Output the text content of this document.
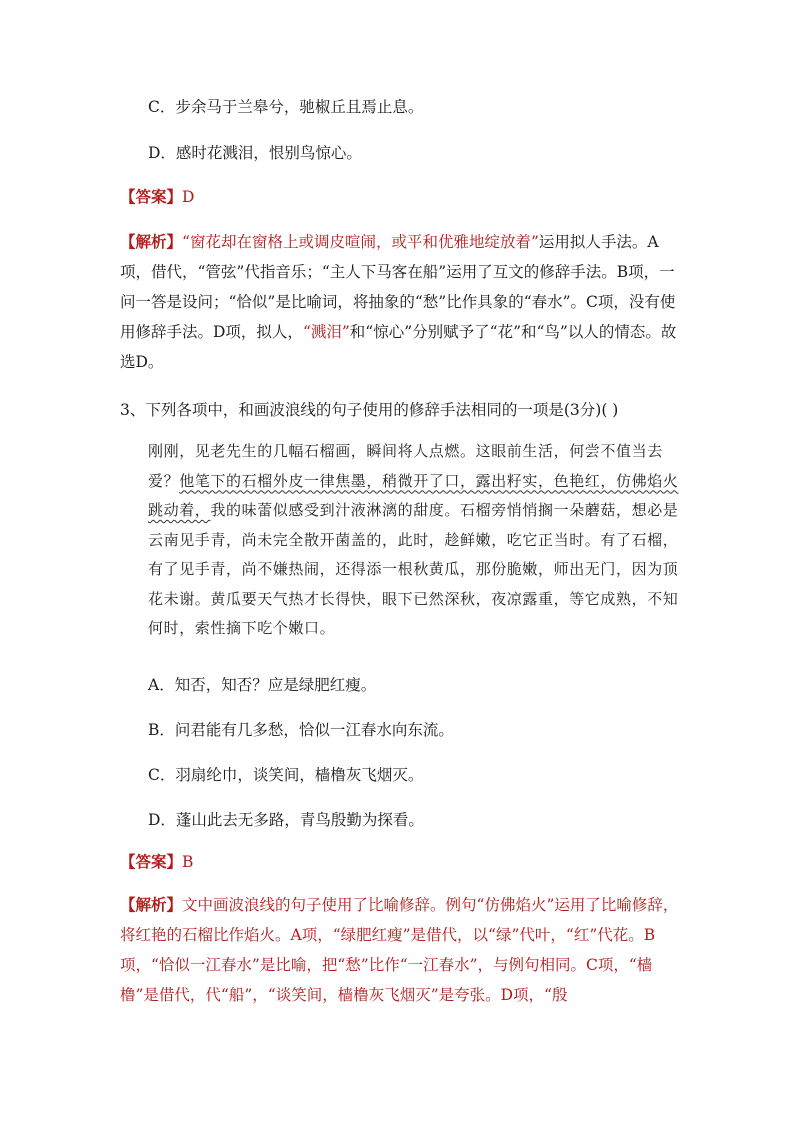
C．步余马于兰皋兮，驰椒丘且焉止息。
D．感时花溅泪，恨别鸟惊心。
【答案】D
【解析】“窗花却在窗格上或调皮喧闹，或平和优雅地绽放着”运用拟人手法。A项，借代，“管弦”代指音乐；“主人下马客在船”运用了互文的修辞手法。B项，一问一答是设问；“恰似”是比喻词，将抽象的“愁”比作具象的“春水”。C项，没有使用修辞手法。D项，拟人，“溅泪”和“惊心”分别赋予了“花”和“鸟”以人的情态。故选D。
3、下列各项中，和画波浪线的句子使用的修辞手法相同的一项是(3分)( )
刚刚，见老先生的几幅石榴画，瞬间将人点燃。这眼前生活，何尝不值当去爱？他笔下的石榴外皮一律焦墨，稍微开了口，露出籽实，色艳红，仿佛焰火跳动着，我的味蕾似感受到汁液淋漓的甜度。石榴旁悄悄搁一朵蘑菇，想必是云南见手青，尚未完全散开菌盖的，此时，趁鲜嫩，吃它正当时。有了石榴，有了见手青，尚不嫌热闹，还得添一根秋黄瓜，那份脆嫩，师出无门，因为顶花未谢。黄瓜要天气热才长得快，眼下已然深秋，夜凉露重，等它成熟，不知何时，索性摘下吃个嫩口。
A．知否，知否？应是绿肥红瘦。
B．问君能有几多愁，恰似一江春水向东流。
C．羽扇纶巾，谈笑间，樯橹灰飞烟灭。
D．蓬山此去无多路，青鸟殷勤为探看。
【答案】B
【解析】文中画波浪线的句子使用了比喻修辞。例句“仿佛焰火”运用了比喻修辞，将红艳的石榴比作焰火。A项，“绿肥红瘦”是借代，以“绿”代叶，“红”代花。B项，“恰似一江春水”是比喻，把“愁”比作“一江春水”，与例句相同。C项，“樯橹”是借代，代“船”，“谈笑间，樯橹灰飞烟灭”是夸张。D项，“殷
